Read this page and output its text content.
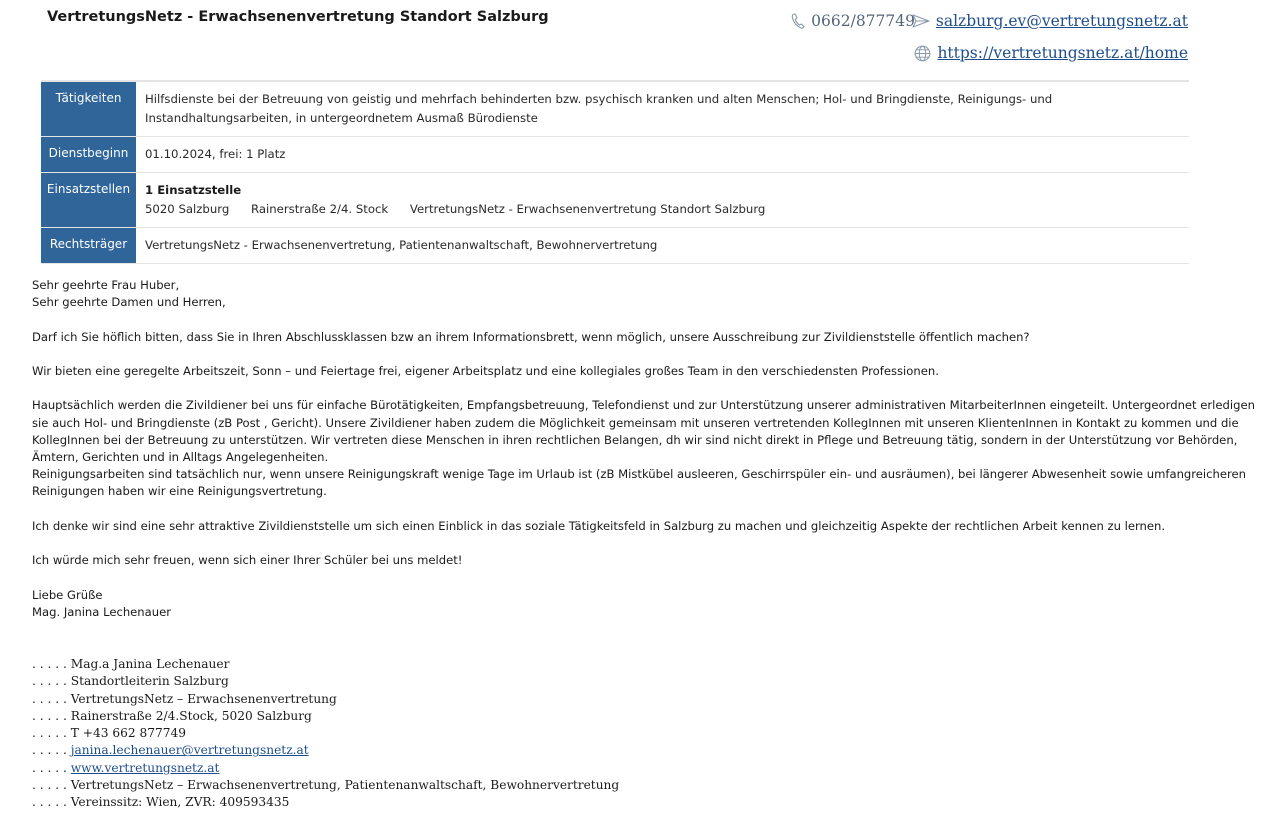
VertretungsNetz - Erwachsenenvertretung Standort Salzburg	0662/877749 salzburg.ev@vertretungsnetz.at
https://vertretungsnetz.at/home
Tätigkeiten	Hilfsdienste bei der Betreuung von geistig und mehrfach behinderten bzw. psychisch kranken und alten Menschen; Hol- und Bringdienste, Reinigungs- und Instandhaltungsarbeiten, in untergeordnetem Ausmaß Bürodienste
Dienstbeginn	01.10.2024, frei: 1 Platz
Einsatzstellen	1 Einsatzstelle
5020 Salzburg Rainerstraße 2/4. Stock VertretungsNetz - Erwachsenenvertretung Standort Salzburg
Rechtsträger	VertretungsNetz - Erwachsenenvertretung, Patientenanwaltschaft, Bewohnervertretung

Sehr geehrte Frau Huber,
Sehr geehrte Damen und Herren,

Darf ich Sie höflich bitten, dass Sie in Ihren Abschlussklassen bzw an ihrem Informationsbrett, wenn möglich, unsere Ausschreibung zur Zivildienststelle öffentlich machen?

Wir bieten eine geregelte Arbeitszeit, Sonn – und Feiertage frei, eigener Arbeitsplatz und eine kollegiales großes Team in den verschiedensten Professionen.

Hauptsächlich werden die Zivildiener bei uns für einfache Bürotätigkeiten, Empfangsbetreuung, Telefondienst und zur Unterstützung unserer administrativen MitarbeiterInnen eingeteilt. Untergeordnet erledigen sie auch Hol- und Bringdienste (zB Post , Gericht). Unsere Zivildiener haben zudem die Möglichkeit gemeinsam mit unseren vertretenden KollegInnen mit unseren KlientenInnen in Kontakt zu kommen und die KollegInnen bei der Betreuung zu unterstützen. Wir vertreten diese Menschen in ihren rechtlichen Belangen, dh wir sind nicht direkt in Pflege und Betreuung tätig, sondern in der Unterstützung vor Behörden, Ämtern, Gerichten und in Alltags Angelegenheiten.
Reinigungsarbeiten sind tatsächlich nur, wenn unsere Reinigungskraft wenige Tage im Urlaub ist (zB Mistkübel ausleeren, Geschirrspüler ein- und ausräumen), bei längerer Abwesenheit sowie umfangreicheren Reinigungen haben wir eine Reinigungsvertretung.

Ich denke wir sind eine sehr attraktive Zivildienststelle um sich einen Einblick in das soziale Tätigkeitsfeld in Salzburg zu machen und gleichzeitig Aspekte der rechtlichen Arbeit kennen zu lernen.

Ich würde mich sehr freuen, wenn sich einer Ihrer Schüler bei uns meldet!

Liebe Grüße
Mag. Janina Lechenauer

. . . . . Mag.a Janina Lechenauer
. . . . . Standortleiterin Salzburg
. . . . . VertretungsNetz – Erwachsenenvertretung
. . . . . Rainerstraße 2/4.Stock, 5020 Salzburg
. . . . . T +43 662 877749
. . . . . janina.lechenauer@vertretungsnetz.at
. . . . . www.vertretungsnetz.at
. . . . . VertretungsNetz – Erwachsenenvertretung, Patientenanwaltschaft, Bewohnervertretung
. . . . . Vereinssitz: Wien, ZVR: 409593435
